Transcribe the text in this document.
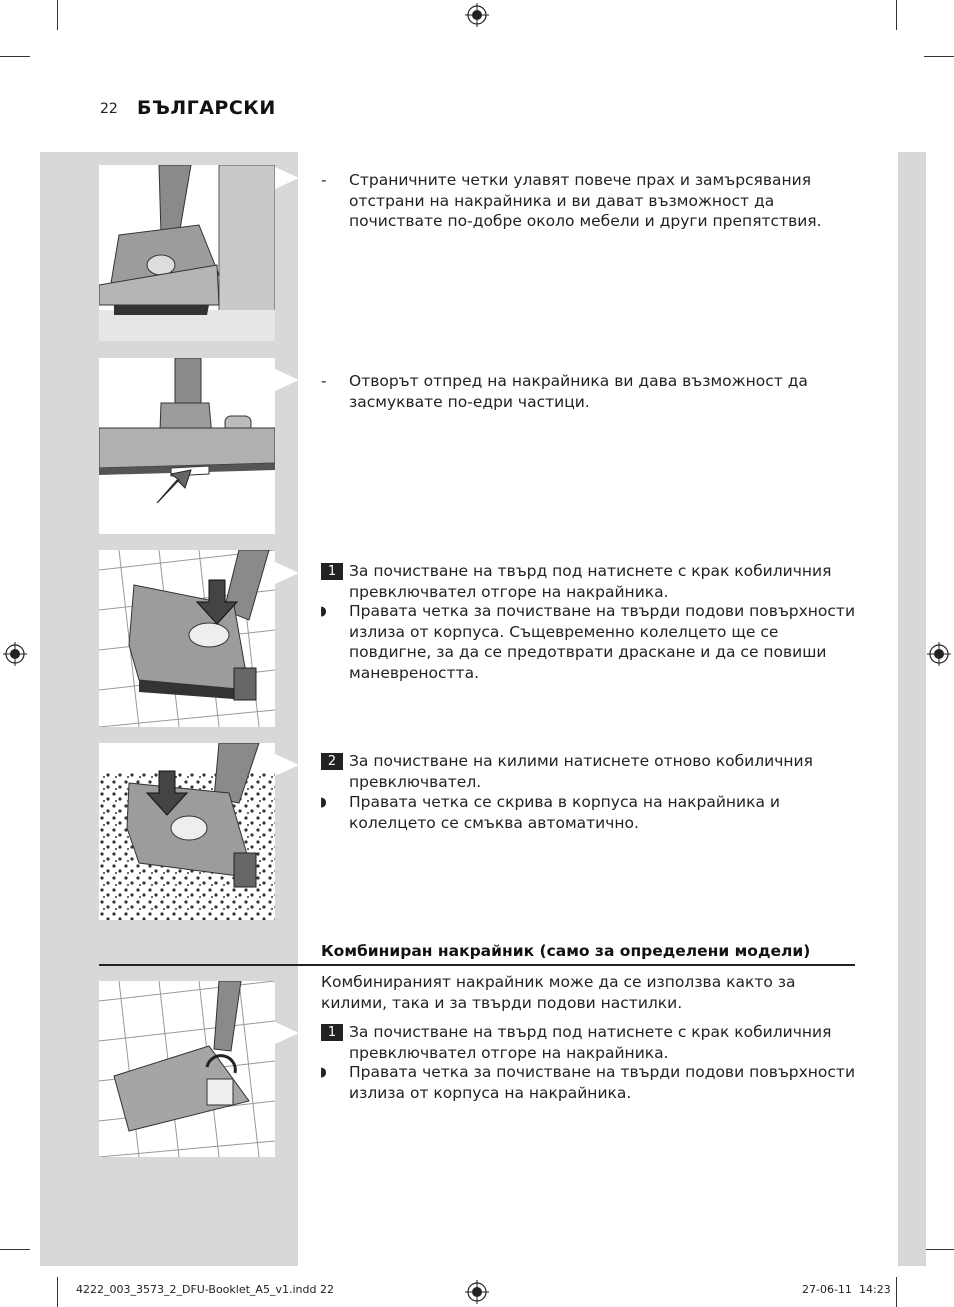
22 БЪЛГАРСКИ
- Страничните четки улавят повече прах и замърсявания отстрани на накрайника и ви дават възможност да почиствате по-добре около мебели и други препятствия.
- Отворът отпред на накрайника ви дава възможност да засмуквате по-едри частици.
1 За почистване на твърд под натиснете с крак кобиличния превключвател отгоре на накрайника.
◗ Правата четка за почистване на твърди подови повърхности излиза от корпуса. Същевременно колелцето ще се повдигне, за да се предотврати драскане и да се повиши маневреността.
2 За почистване на килими натиснете отново кобиличния превключвател.
◗ Правата четка се скрива в корпуса на накрайника и колелцето се смъква автоматично.
Комбиниран накрайник (само за определени модели)
Комбинираният накрайник може да се използва както за килими, така и за твърди подови настилки.
1 За почистване на твърд под натиснете с крак кобиличния превключвател отгоре на накрайника.
◗ Правата четка за почистване на твърди подови повърхности излиза от корпуса на накрайника.
4222_003_3573_2_DFU-Booklet_A5_v1.indd 22	27-06-11 14:23
